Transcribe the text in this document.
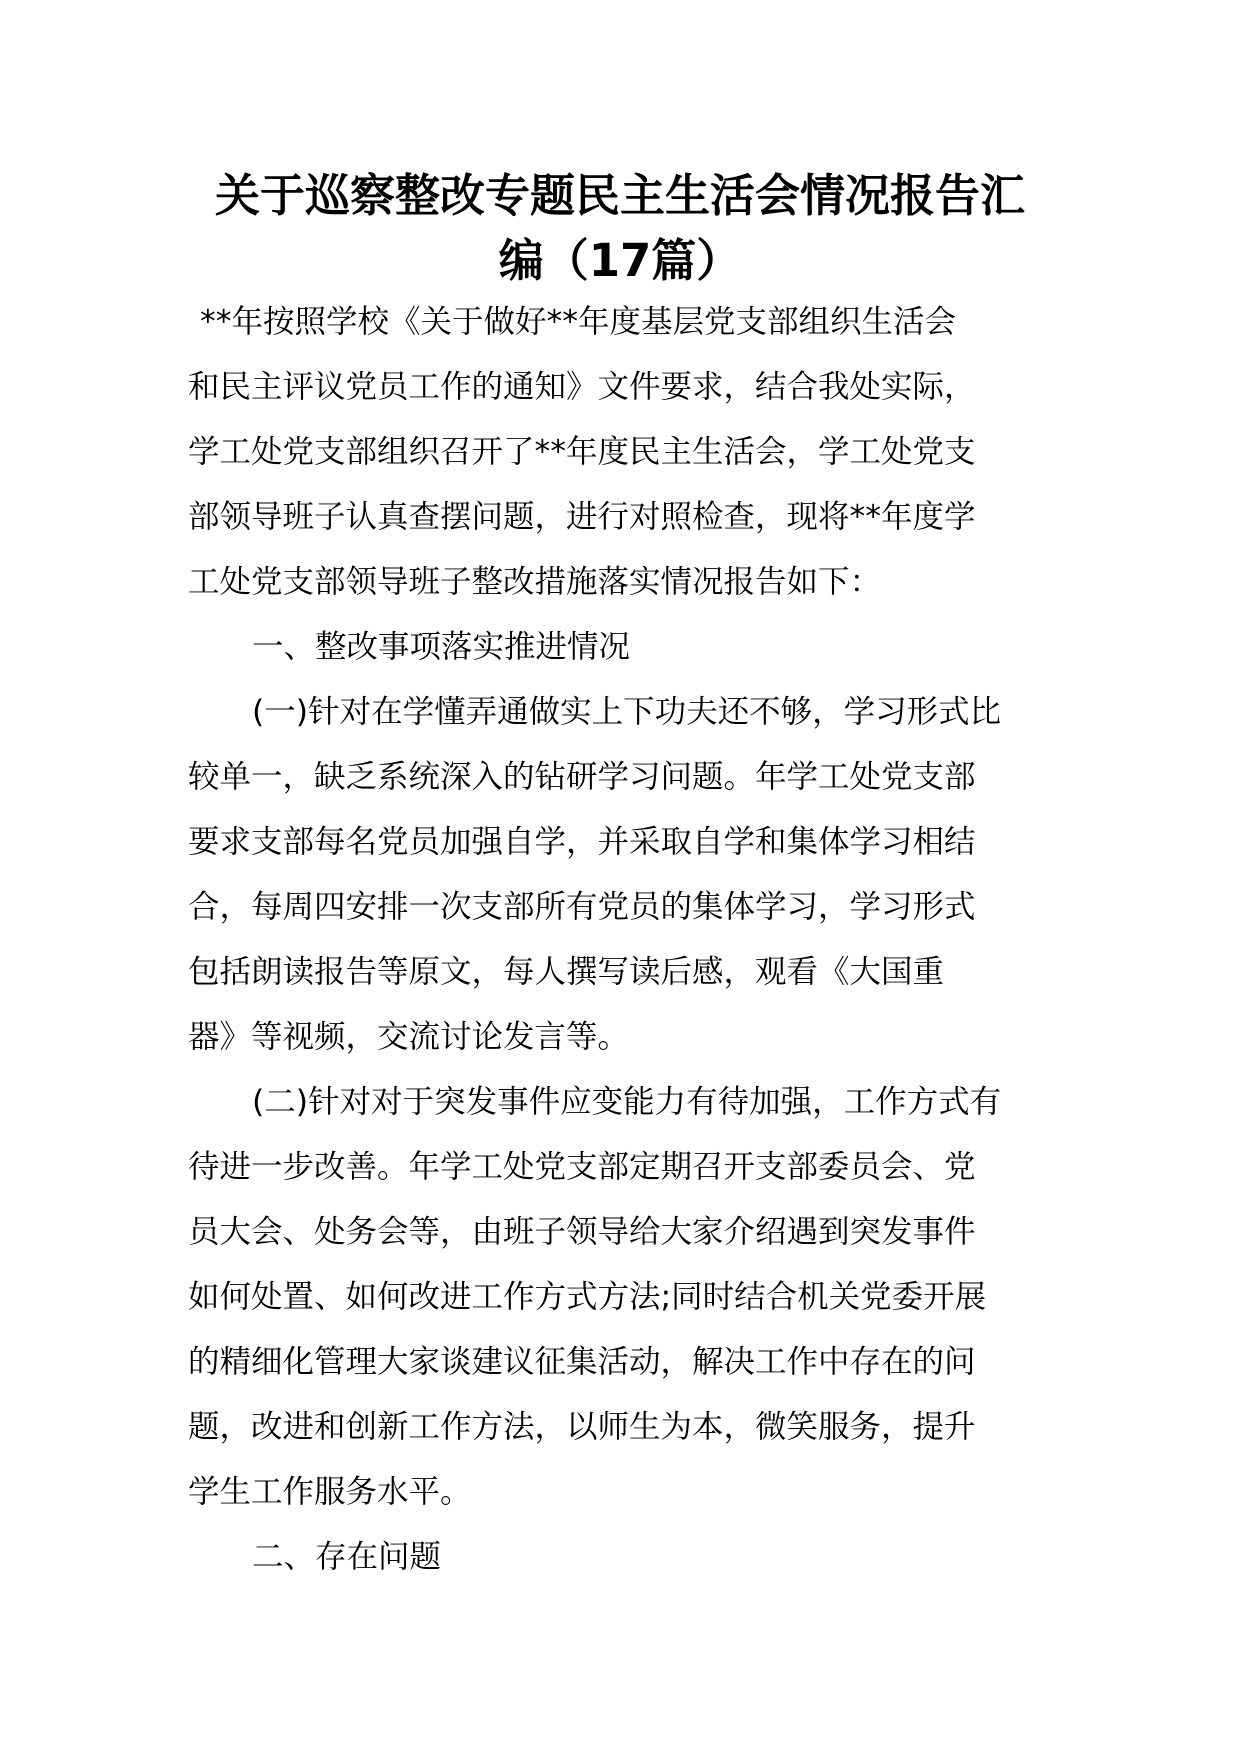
关于巡察整改专题民主生活会情况报告汇
编（17篇）
**年按照学校《关于做好**年度基层党支部组织生活会
和民主评议党员工作的通知》文件要求，结合我处实际，
学工处党支部组织召开了**年度民主生活会，学工处党支
部领导班子认真查摆问题，进行对照检查，现将**年度学
工处党支部领导班子整改措施落实情况报告如下：
一、整改事项落实推进情况
(一)针对在学懂弄通做实上下功夫还不够，学习形式比
较单一，缺乏系统深入的钻研学习问题。年学工处党支部
要求支部每名党员加强自学，并采取自学和集体学习相结
合，每周四安排一次支部所有党员的集体学习，学习形式
包括朗读报告等原文，每人撰写读后感，观看《大国重
器》等视频，交流讨论发言等。
(二)针对对于突发事件应变能力有待加强，工作方式有
待进一步改善。年学工处党支部定期召开支部委员会、党
员大会、处务会等，由班子领导给大家介绍遇到突发事件
如何处置、如何改进工作方式方法;同时结合机关党委开展
的精细化管理大家谈建议征集活动，解决工作中存在的问
题，改进和创新工作方法，以师生为本，微笑服务，提升
学生工作服务水平。
二、存在问题
